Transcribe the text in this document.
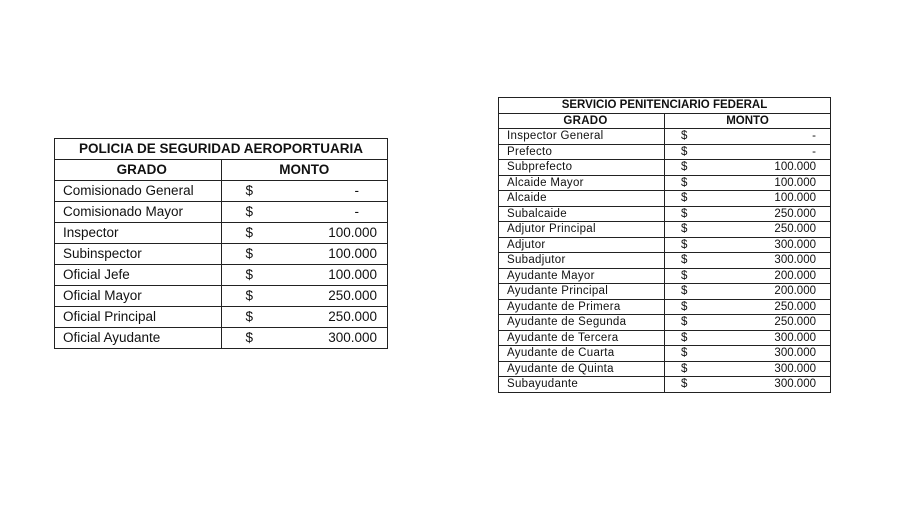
POLICIA DE SEGURIDAD AEROPORTUARIA	
GRADO	MONTO
Comisionado General	$ -

Comisionado Mayor	$ -

Inspector	$ 100.000

Subinspector	$ 100.000

Oficial Jefe	$ 100.000

Oficial Mayor	$ 250.000

Oficial Principal	$ 250.000

Oficial Ayudante	$ 300.000
SERVICIO PENITENCIARIO FEDERAL	
GRADO	MONTO
Inspector General	$ -

Prefecto	$ -

Subprefecto	$ 100.000

Alcaide Mayor	$ 100.000

Alcaide	$ 100.000

Subalcaide	$ 250.000

Adjutor Principal	$ 250.000

Adjutor	$ 300.000

Subadjutor	$ 300.000

Ayudante Mayor	$ 200.000

Ayudante Principal	$ 200.000

Ayudante de Primera	$ 250.000

Ayudante de Segunda	$ 250.000

Ayudante de Tercera	$ 300.000

Ayudante de Cuarta	$ 300.000

Ayudante de Quinta	$ 300.000

Subayudante	$ 300.000
